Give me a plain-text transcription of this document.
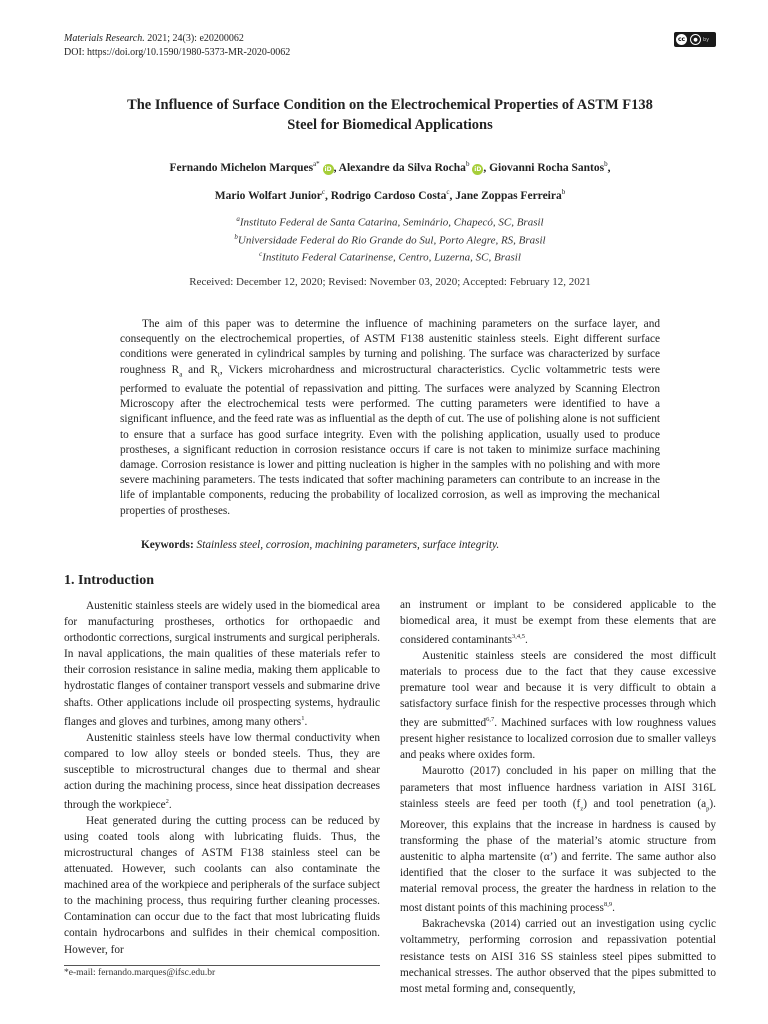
Materials Research. 2021; 24(3): e20200062
DOI: https://doi.org/10.1590/1980-5373-MR-2020-0062
cc	●	by
The Influence of Surface Condition on the Electrochemical Properties of ASTM F138
Steel for Biomedical Applications
Fernando Michelon Marques$^{a*}$ iD , Alexandre da Silva Rocha$^b$ iD , Giovanni Rocha Santos$^b$,
Mario Wolfart Junior$^c$, Rodrigo Cardoso Costa$^c$, Jane Zoppas Ferreira$^b$
$^a$Instituto Federal de Santa Catarina, Seminário, Chapecó, SC, Brasil
$^b$Universidade Federal do Rio Grande do Sul, Porto Alegre, RS, Brasil
$^c$Instituto Federal Catarinense, Centro, Luzerna, SC, Brasil
Received: December 12, 2020; Revised: November 03, 2020; Accepted: February 12, 2021
The aim of this paper was to determine the influence of machining parameters on the surface layer, and consequently on the electrochemical properties, of ASTM F138 austenitic stainless steels. Eight different surface conditions were generated in cylindrical samples by turning and polishing. The surface was characterized by surface roughness $R_a$ and $R_t$, Vickers microhardness and microstructural characteristics. Cyclic voltammetric tests were performed to evaluate the potential of repassivation and pitting. The surfaces were analyzed by Scanning Electron Microscopy after the electrochemical tests were performed. The cutting parameters were identified to have a significant influence, and the feed rate was as influential as the depth of cut. The use of polishing alone is not sufficient to ensure that a surface has good surface integrity. Even with the polishing application, usually used to produce prostheses, a significant reduction in corrosion resistance occurs if care is not taken to minimize surface machining damage. Corrosion resistance is lower and pitting nucleation is higher in the samples with no polishing and with more severe machining parameters. The tests indicated that softer machining parameters can contribute to an increase in the life of implantable components, reducing the probability of localized corrosion, as well as improving the mechanical properties of prostheses.
Keywords: Stainless steel, corrosion, machining parameters, surface integrity.
1. Introduction

Austenitic stainless steels are widely used in the biomedical area for manufacturing prostheses, orthotics for orthopaedic and orthodontic corrections, surgical instruments and surgical peripherals. In naval applications, the main qualities of these materials refer to their corrosion resistance in saline media, making them applicable to hydrostatic flanges of container transport vessels and submarine drive shafts. Other applications include oil prospecting systems, hydraulic flanges and gloves and turbines, among many others$^1$.

Austenitic stainless steels have low thermal conductivity when compared to low alloy steels or bonded steels. Thus, they are susceptible to microstructural changes due to thermal and shear action during the machining process, since heat dissipation decreases through the workpiece$^2$.

Heat generated during the cutting process can be reduced by using coated tools along with lubricating fluids. Thus, the microstructural changes of ASTM F138 stainless steel can be attenuated. However, such coolants can also contaminate the machined area of the workpiece and peripherals of the surface subject to the machining process, thus requiring further cleaning processes. Contamination can occur due to the fact that most lubricating fluids contain hydrocarbons and sulfides in their chemical composition. However, for

an instrument or implant to be considered applicable to the biomedical area, it must be exempt from these elements that are considered contaminants$^{3,4,5}$.

Austenitic stainless steels are considered the most difficult materials to process due to the fact that they cause excessive premature tool wear and because it is very difficult to obtain a satisfactory surface finish for the respective processes through which they are submitted$^{6,7}$. Machined surfaces with low roughness values present higher resistance to localized corrosion due to smaller valleys and peaks where oxides form.

Maurotto (2017) concluded in his paper on milling that the parameters that most influence hardness variation in AISI 316L stainless steels are feed per tooth $(f_z)$ and tool penetration $(a_p)$. Moreover, this explains that the increase in hardness is caused by transforming the phase of the material’s atomic structure from austenitic to alpha martensite (α’) and ferrite. The same author also identified that the closer to the surface it was subjected to the material removal process, the greater the hardness in relation to the most distant points of this machining process$^{8,9}$.

Bakrachevska (2014) carried out an investigation using cyclic voltammetry, performing corrosion and repassivation potential resistance tests on AISI 316 SS stainless steel pipes submitted to mechanical stresses. The author observed that the pipes submitted to most metal forming and, consequently,

*e-mail: fernando.marques@ifsc.edu.br
